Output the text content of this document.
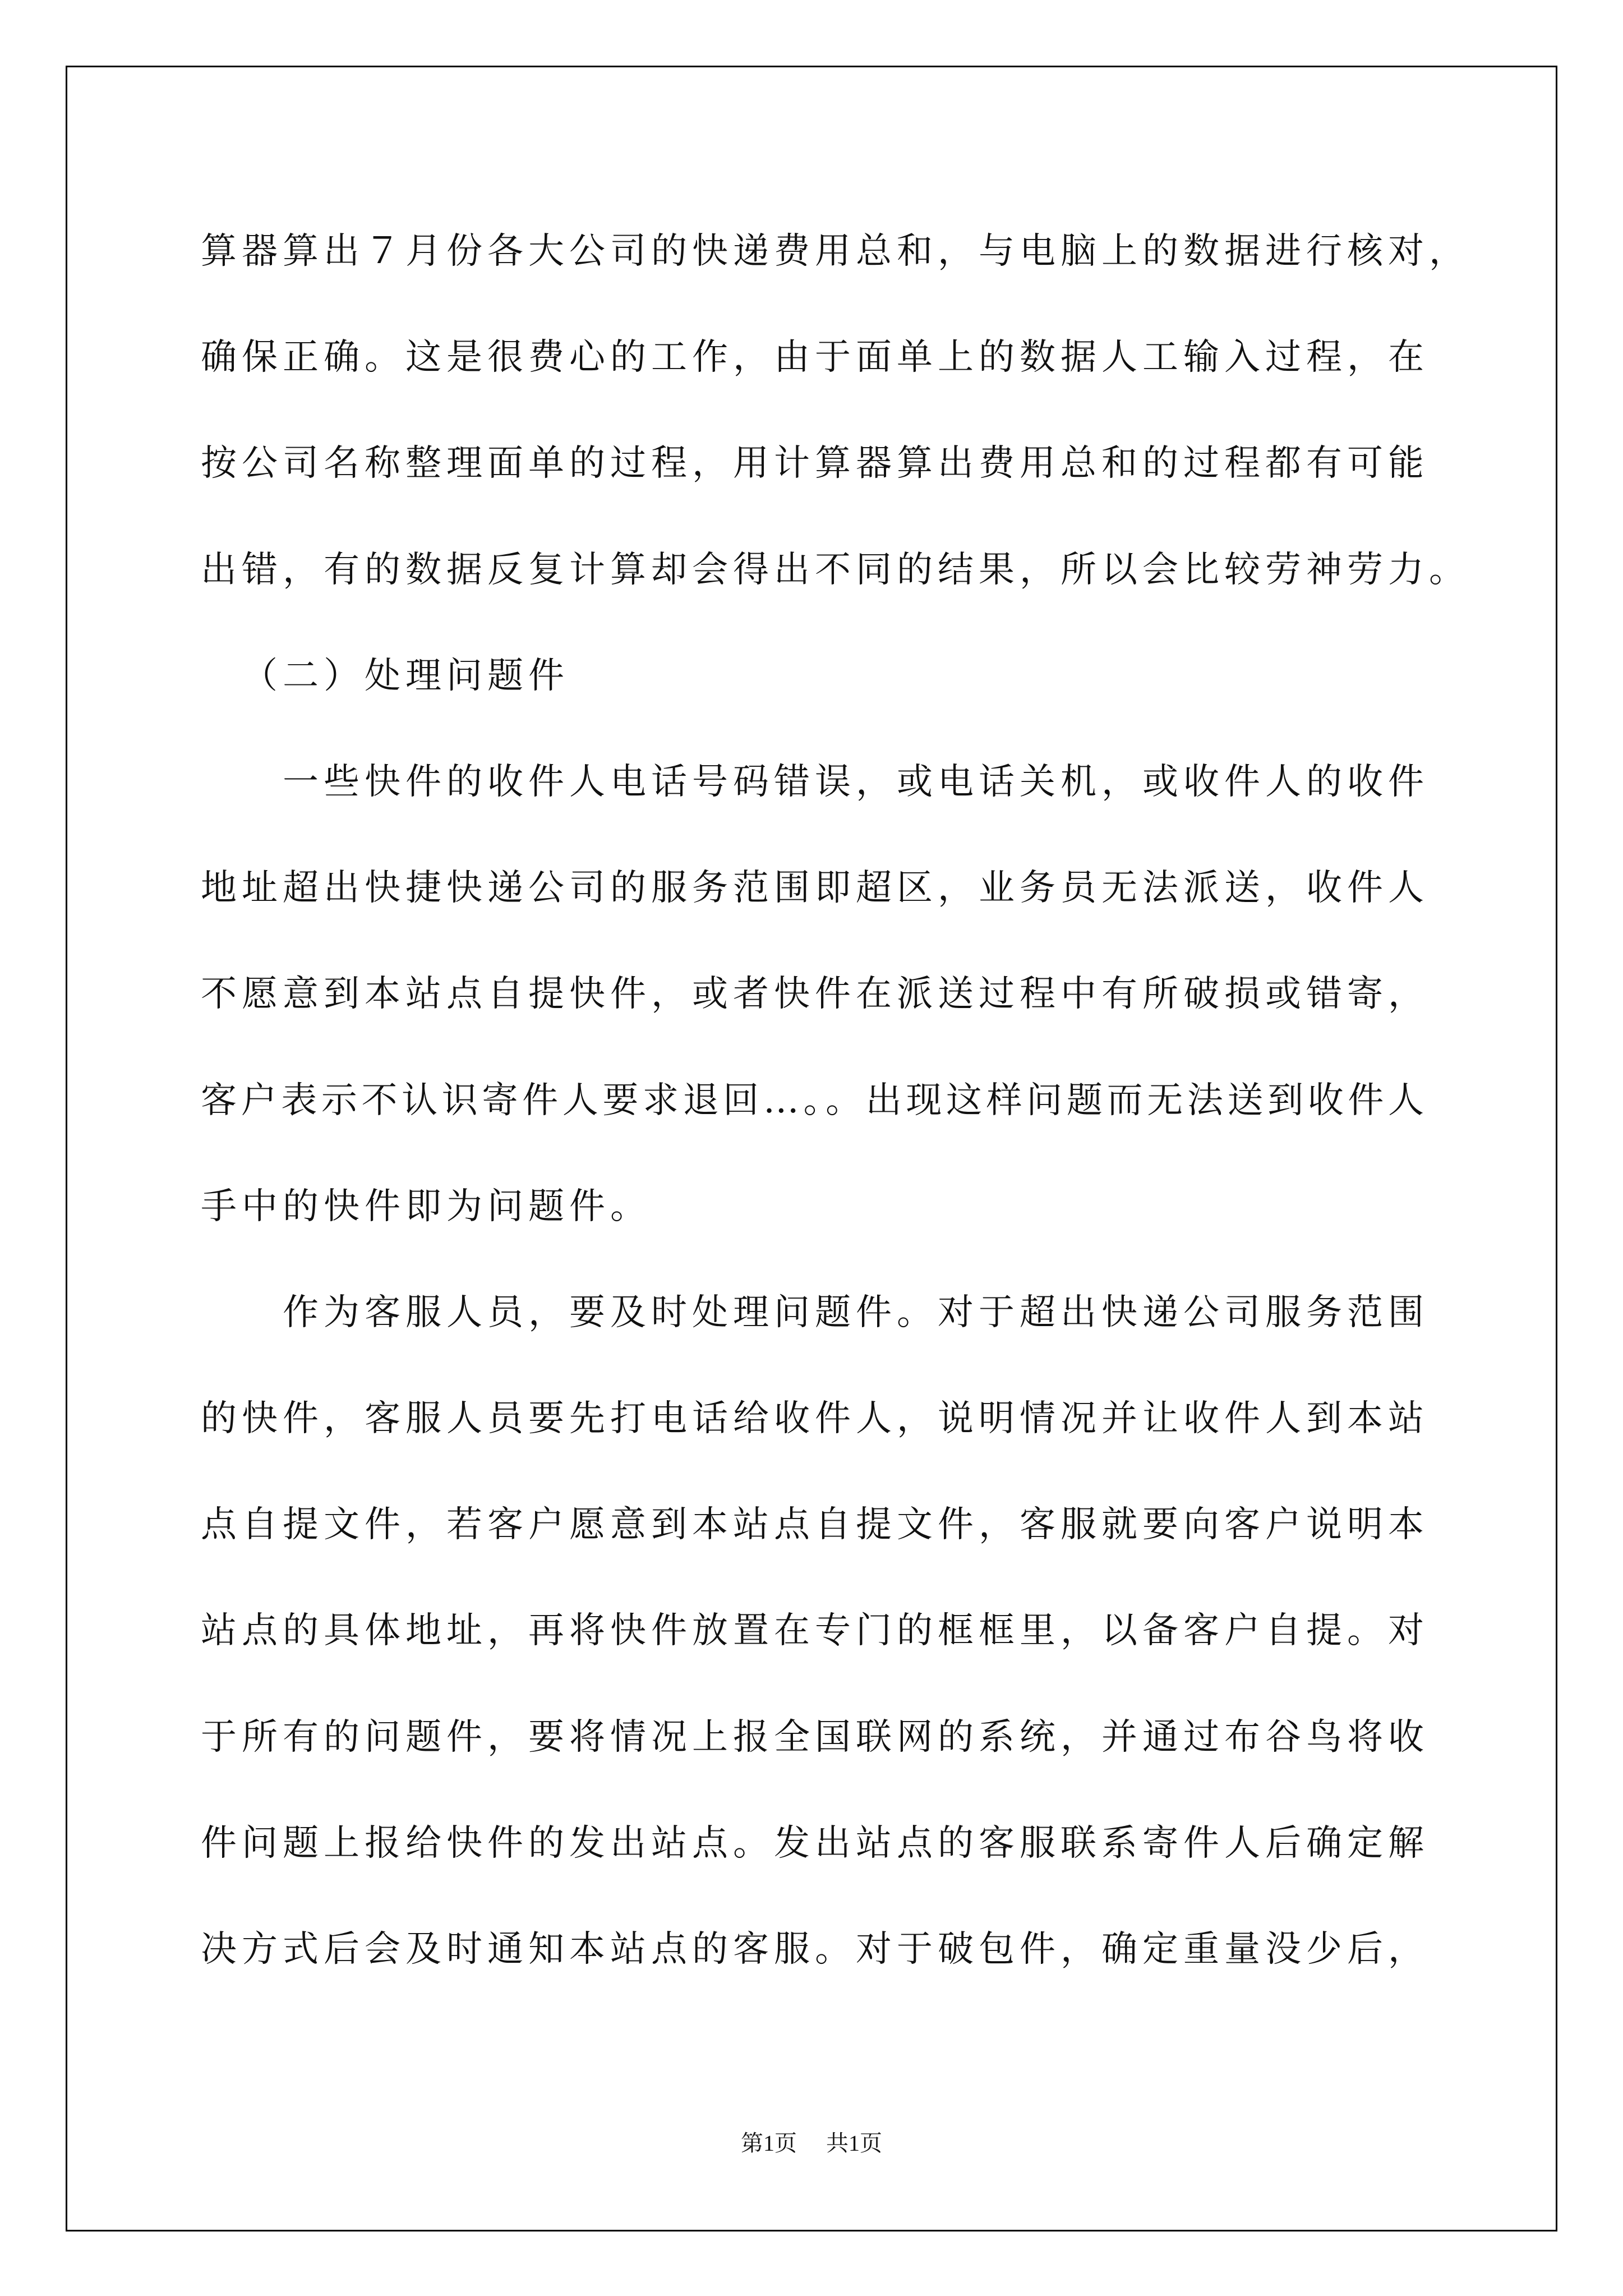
算器算出７月份各大公司的快递费用总和，与电脑上的数据进行核对，
确保正确。这是很费心的工作，由于面单上的数据人工输入过程，在
按公司名称整理面单的过程，用计算器算出费用总和的过程都有可能
出错，有的数据反复计算却会得出不同的结果，所以会比较劳神劳力。
（二）处理问题件
一些快件的收件人电话号码错误，或电话关机，或收件人的收件
地址超出快捷快递公司的服务范围即超区，业务员无法派送，收件人
不愿意到本站点自提快件，或者快件在派送过程中有所破损或错寄，
客户表示不认识寄件人要求退回…。。出现这样问题而无法送到收件人
手中的快件即为问题件。
作为客服人员，要及时处理问题件。对于超出快递公司服务范围
的快件，客服人员要先打电话给收件人，说明情况并让收件人到本站
点自提文件，若客户愿意到本站点自提文件，客服就要向客户说明本
站点的具体地址，再将快件放置在专门的框框里，以备客户自提。对
于所有的问题件，要将情况上报全国联网的系统，并通过布谷鸟将收
件问题上报给快件的发出站点。发出站点的客服联系寄件人后确定解
决方式后会及时通知本站点的客服。对于破包件，确定重量没少后，
第1页 共1页
